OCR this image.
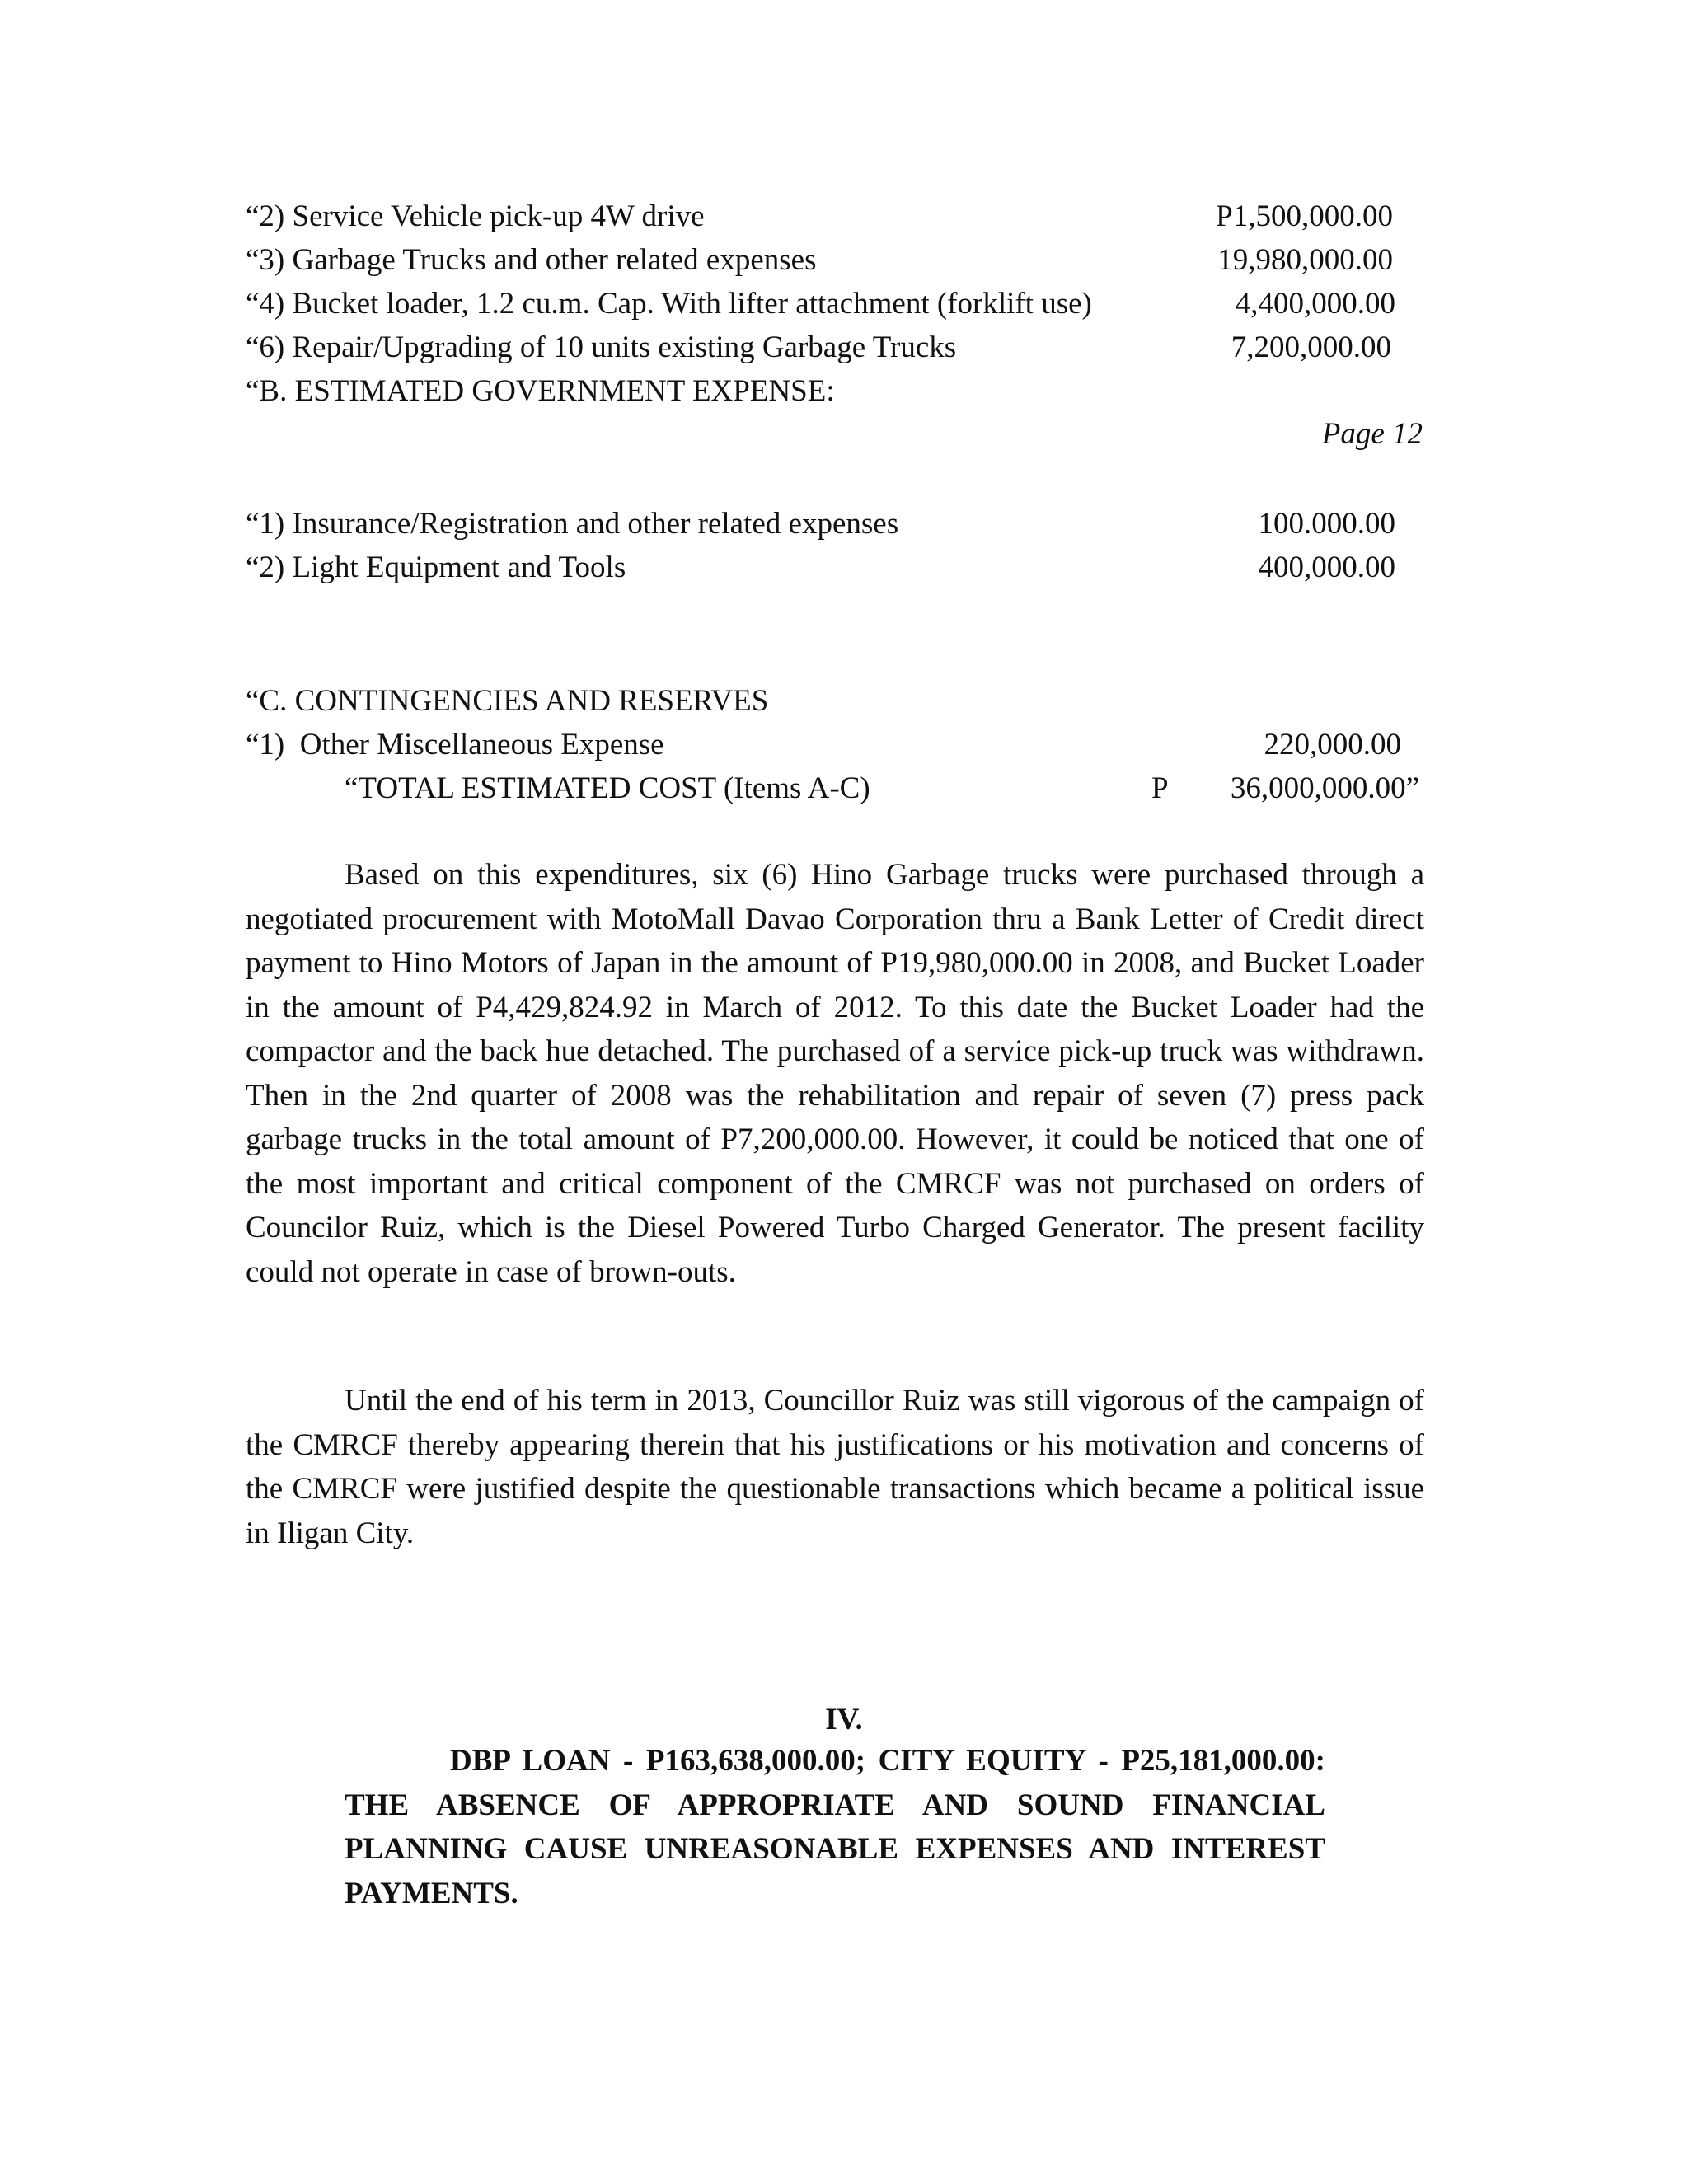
“2) Service Vehicle pick-up 4W drive	P1,500,000.00
“3) Garbage Trucks and other related expenses	19,980,000.00
“4) Bucket loader, 1.2 cu.m. Cap. With lifter attachment (forklift use)	4,400,000.00
“6) Repair/Upgrading of 10 units existing Garbage Trucks	7,200,000.00
“B. ESTIMATED GOVERNMENT EXPENSE:
Page 12
“1) Insurance/Registration and other related expenses	100.000.00
“2) Light Equipment and Tools	400,000.00
“C. CONTINGENCIES AND RESERVES
“1)  Other Miscellaneous Expense	220,000.00
“TOTAL ESTIMATED COST (Items A-C)	P 36,000,000.00”
Based on this expenditures, six (6) Hino Garbage trucks were purchased through a negotiated procurement with MotoMall Davao Corporation thru a Bank Letter of Credit direct payment to Hino Motors of Japan in the amount of P19,980,000.00 in 2008, and Bucket Loader in the amount of P4,429,824.92 in March of 2012. To this date the Bucket Loader had the compactor and the back hue detached. The purchased of a service pick-up truck was withdrawn. Then in the 2nd quarter of 2008 was the rehabilitation and repair of seven (7) press pack garbage trucks in the total amount of P7,200,000.00. However, it could be noticed that one of the most important and critical component of the CMRCF was not purchased on orders of Councilor Ruiz, which is the Diesel Powered Turbo Charged Generator. The present facility could not operate in case of brown-outs.
Until the end of his term in 2013, Councillor Ruiz was still vigorous of the campaign of the CMRCF thereby appearing therein that his justifications or his motivation and concerns of the CMRCF were justified despite the questionable transactions which became a political issue in Iligan City.
IV.
DBP LOAN - P163,638,000.00; CITY EQUITY - P25,181,000.00: THE ABSENCE OF APPROPRIATE AND SOUND FINANCIAL PLANNING CAUSE UNREASONABLE EXPENSES AND INTEREST PAYMENTS.
